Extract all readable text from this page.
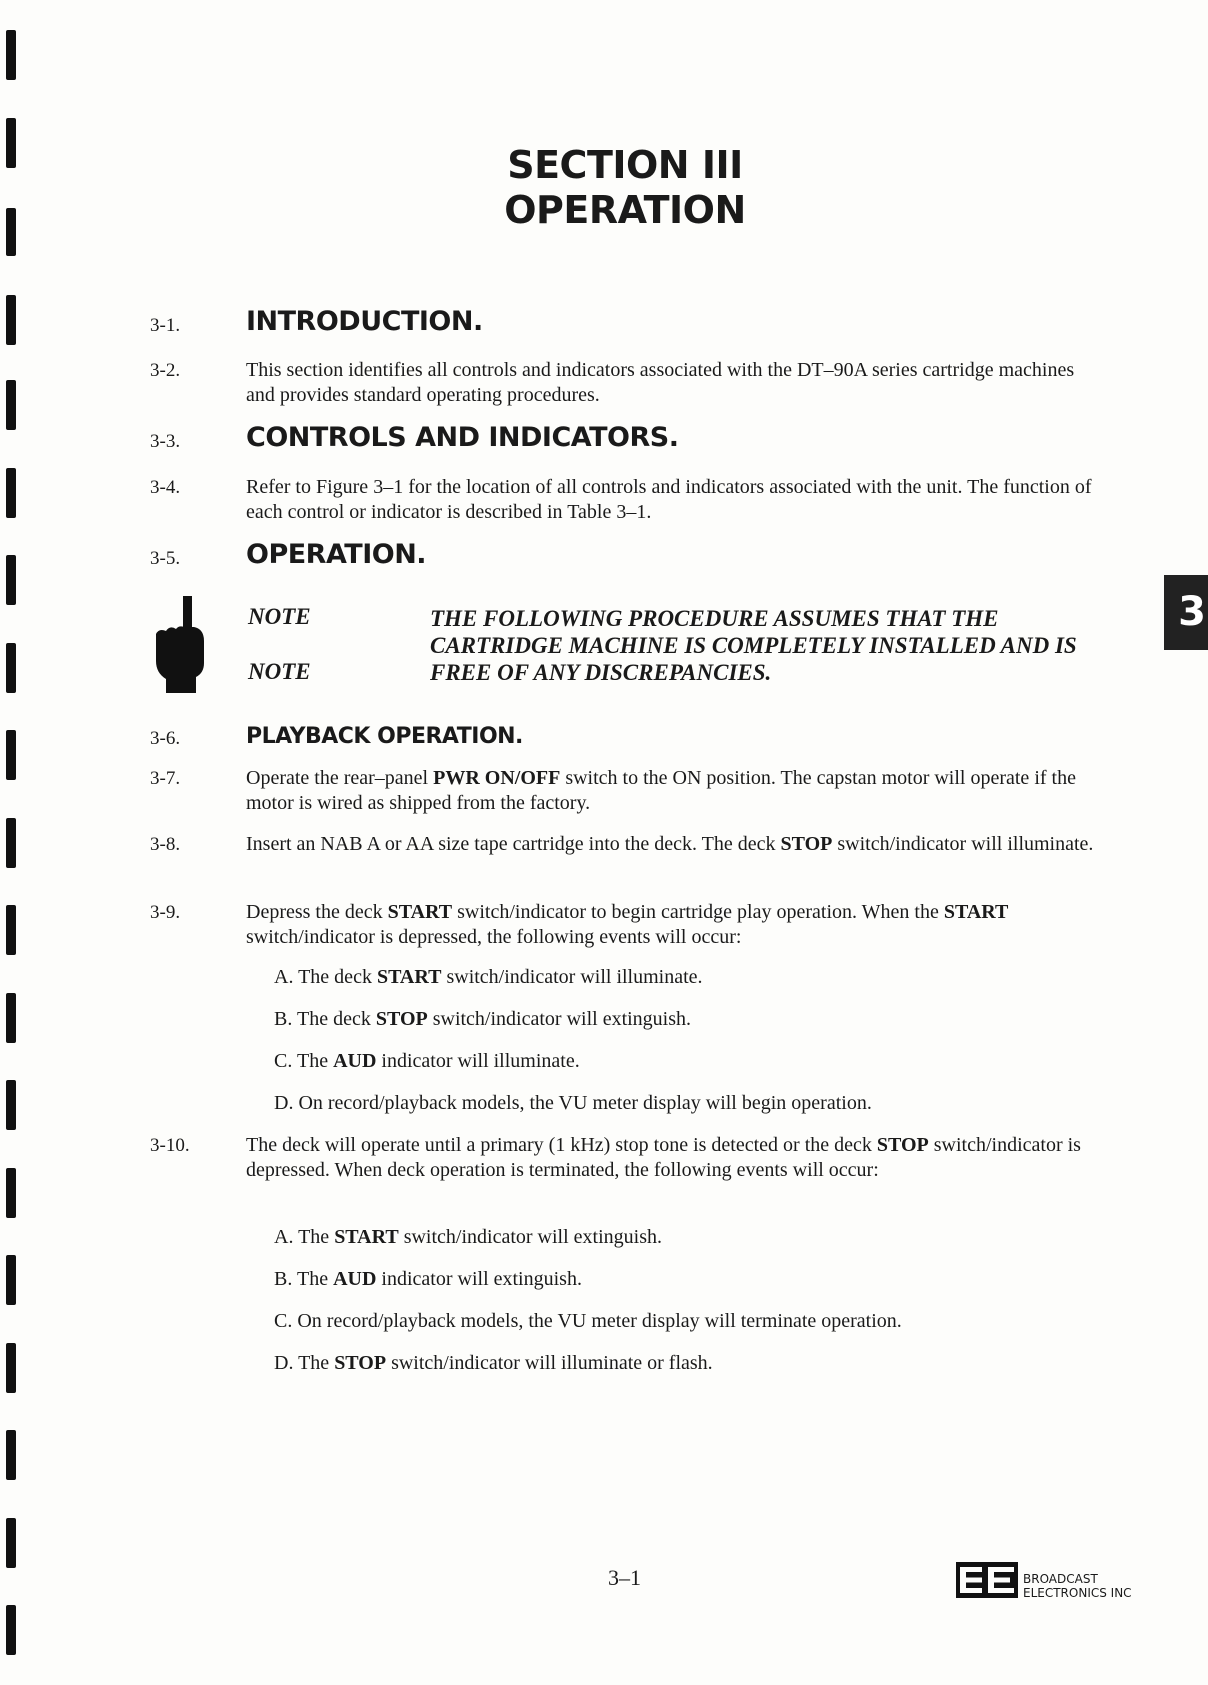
SECTION III
OPERATION
3
3-1. INTRODUCTION.
3-2.	This section identifies all controls and indicators associated with the DT–90A series cartridge machines and provides standard operating procedures.
3-3. CONTROLS AND INDICATORS.
3-4.	Refer to Figure 3–1 for the location of all controls and indicators associated with the unit. The function of each control or indicator is described in Table 3–1.
3-5. OPERATION.
NOTE
NOTE
THE FOLLOWING PROCEDURE ASSUMES THAT THE CARTRIDGE MACHINE IS COMPLETELY INSTALLED AND IS FREE OF ANY DISCREPANCIES.
3-6.	PLAYBACK OPERATION.
3-7.	Operate the rear–panel PWR ON/OFF switch to the ON position. The capstan motor will operate if the motor is wired as shipped from the factory.
3-8.	Insert an NAB A or AA size tape cartridge into the deck. The deck STOP switch/indicator will illuminate.
3-9.	Depress the deck START switch/indicator to begin cartridge play operation. When the START switch/indicator is depressed, the following events will occur:
A. The deck START switch/indicator will illuminate.
B. The deck STOP switch/indicator will extinguish.
C. The AUD indicator will illuminate.
D. On record/playback models, the VU meter display will begin operation.
3-10.	The deck will operate until a primary (1 kHz) stop tone is detected or the deck STOP switch/indicator is depressed. When deck operation is terminated, the following events will occur:
A. The START switch/indicator will extinguish.
B. The AUD indicator will extinguish.
C. On record/playback models, the VU meter display will terminate operation.
D. The STOP switch/indicator will illuminate or flash.
3–1	BROADCAST
ELECTRONICS INC
